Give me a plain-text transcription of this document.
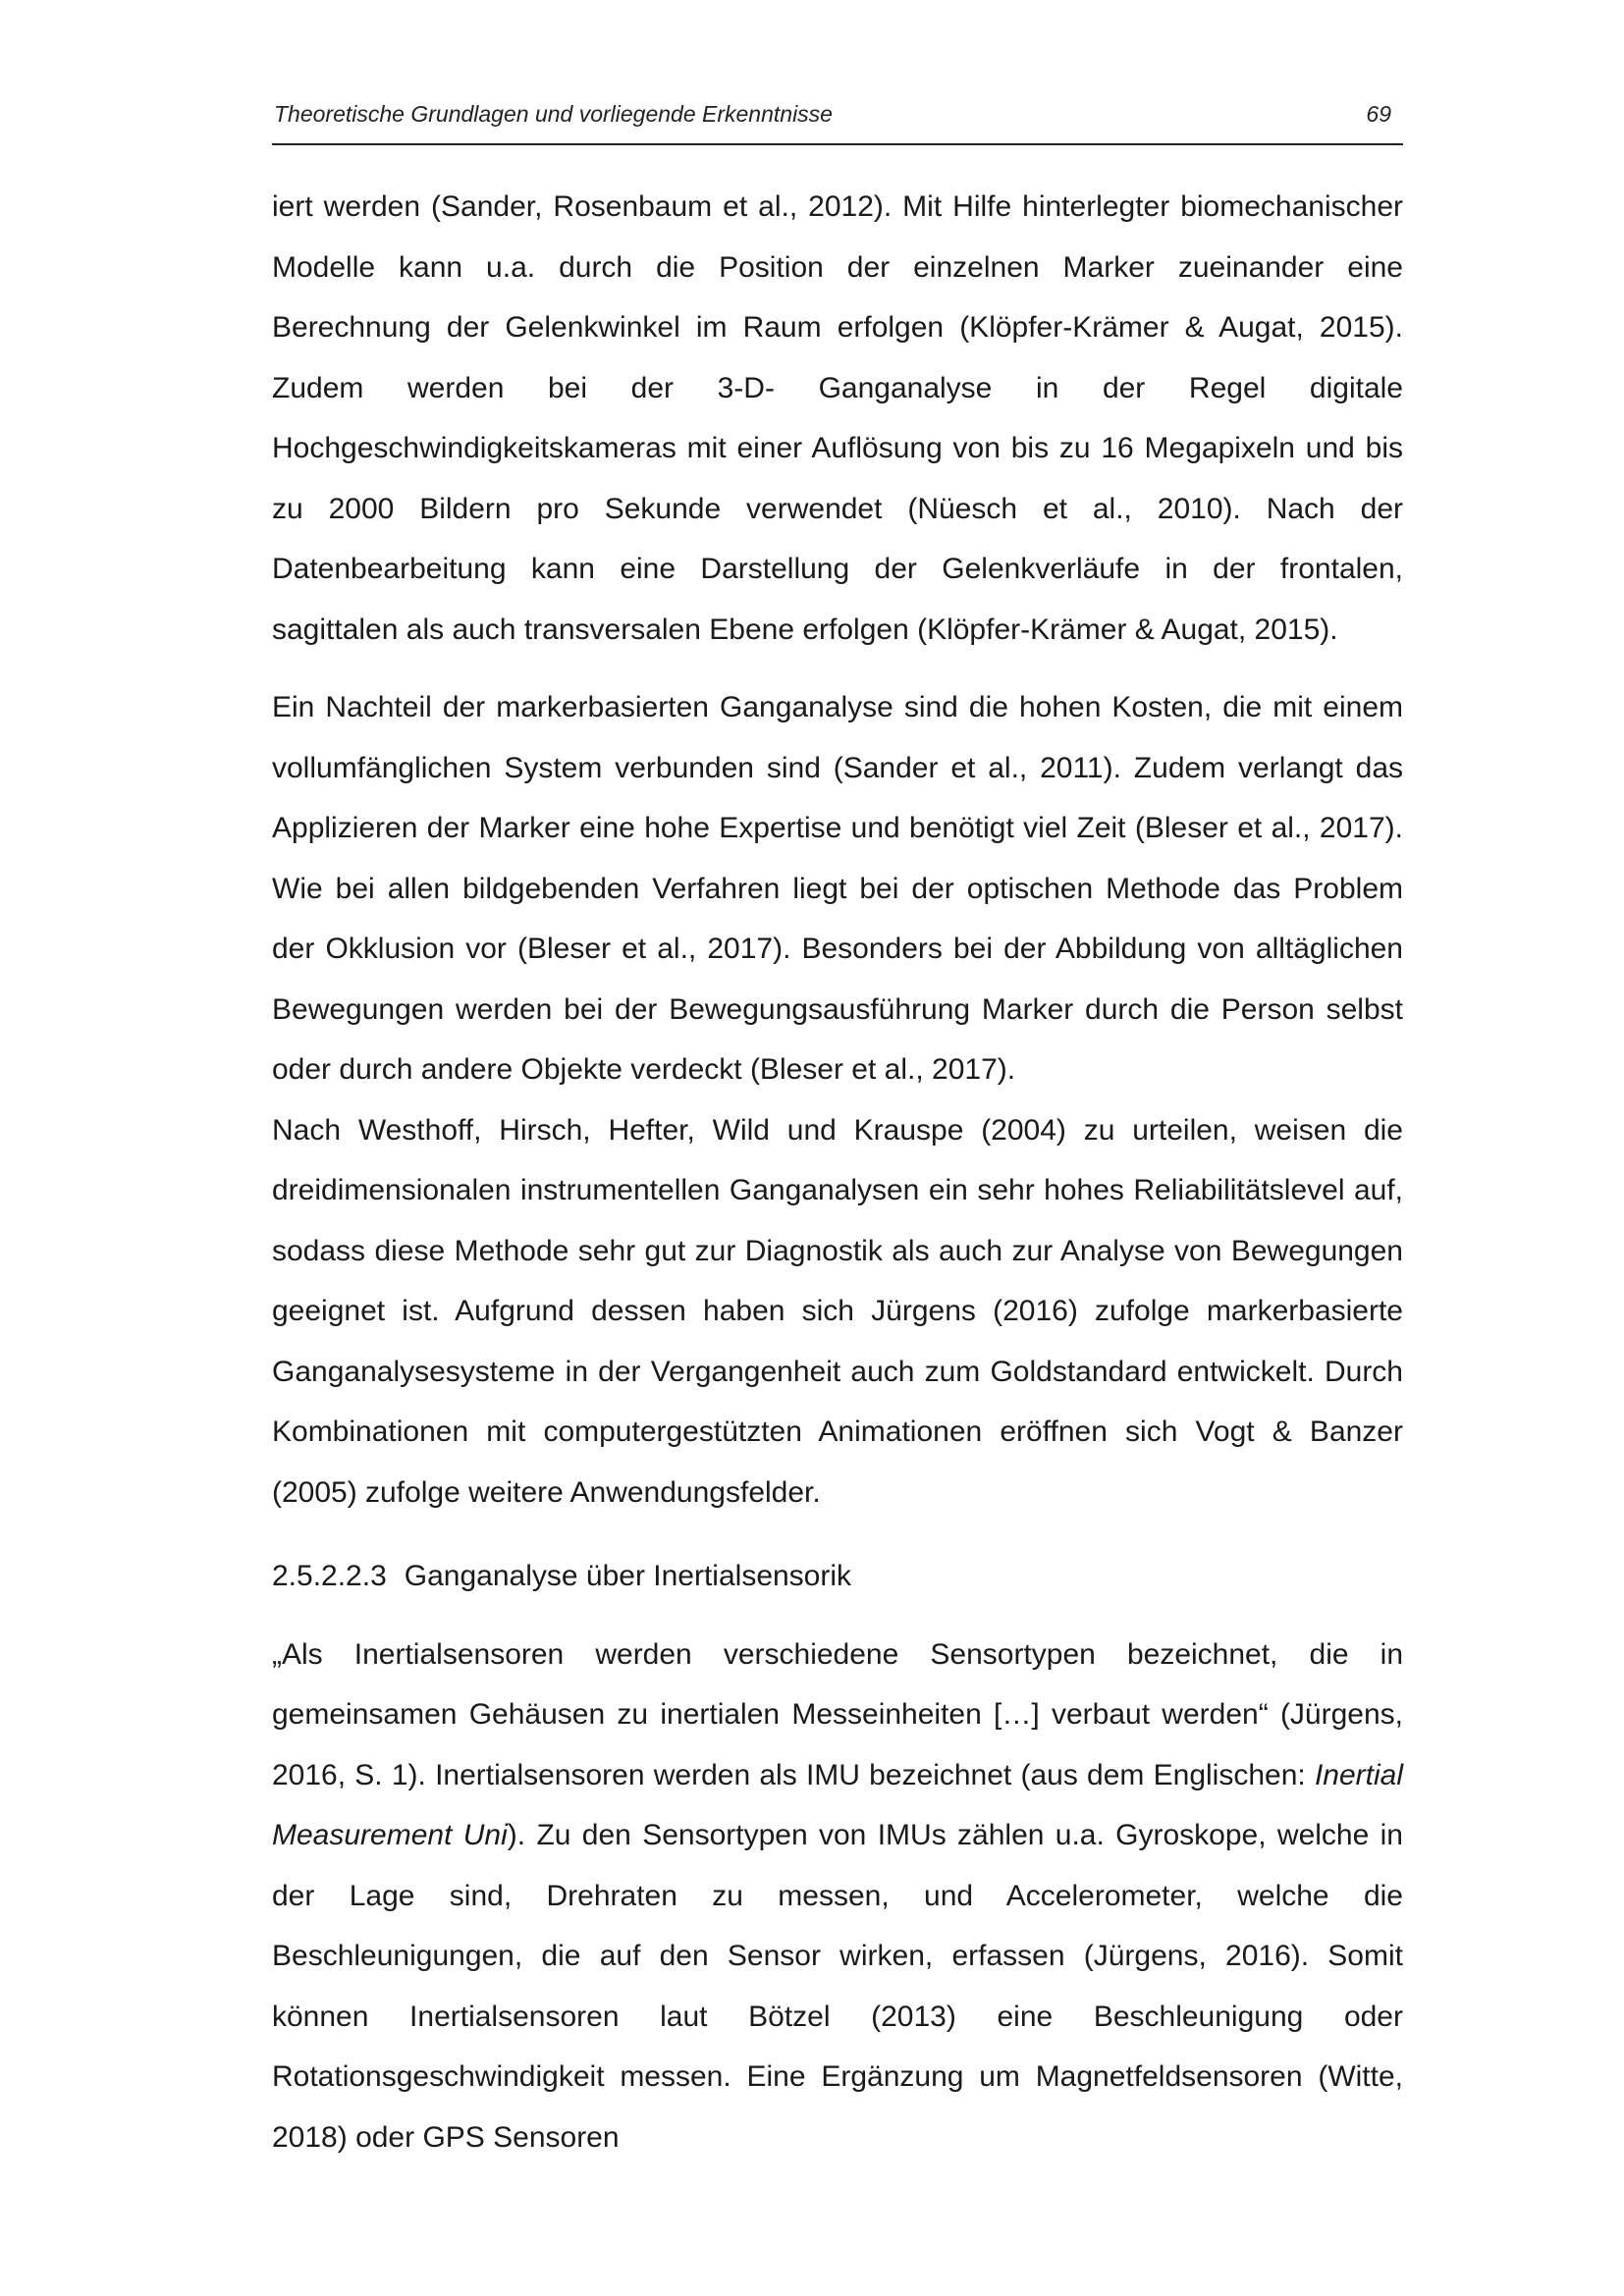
Theoretische Grundlagen und vorliegende Erkenntnisse	69

iert werden (Sander, Rosenbaum et al., 2012). Mit Hilfe hinterlegter biomechanischer Modelle kann u.a. durch die Position der einzelnen Marker zueinander eine Berechnung der Gelenkwinkel im Raum erfolgen (Klöpfer-Krämer & Augat, 2015). Zudem werden bei der 3-D- Ganganalyse in der Regel digitale Hochgeschwindigkeitskameras mit einer Auflösung von bis zu 16 Megapixeln und bis zu 2000 Bildern pro Sekunde verwendet (Nüesch et al., 2010). Nach der Datenbearbeitung kann eine Darstellung der Gelenkverläufe in der frontalen, sagittalen als auch transversalen Ebene erfolgen (Klöpfer-Krämer & Augat, 2015).

Ein Nachteil der markerbasierten Ganganalyse sind die hohen Kosten, die mit einem vollumfänglichen System verbunden sind (Sander et al., 2011). Zudem verlangt das Applizieren der Marker eine hohe Expertise und benötigt viel Zeit (Bleser et al., 2017). Wie bei allen bildgebenden Verfahren liegt bei der optischen Methode das Problem der Okklusion vor (Bleser et al., 2017). Besonders bei der Abbildung von alltäglichen Bewegungen werden bei der Bewegungsausführung Marker durch die Person selbst oder durch andere Objekte verdeckt (Bleser et al., 2017).

Nach Westhoff, Hirsch, Hefter, Wild und Krauspe (2004) zu urteilen, weisen die dreidimensionalen instrumentellen Ganganalysen ein sehr hohes Reliabilitätslevel auf, sodass diese Methode sehr gut zur Diagnostik als auch zur Analyse von Bewegungen geeignet ist. Aufgrund dessen haben sich Jürgens (2016) zufolge markerbasierte Ganganalysesysteme in der Vergangenheit auch zum Goldstandard entwickelt. Durch Kombinationen mit computergestützten Animationen eröffnen sich Vogt & Banzer (2005) zufolge weitere Anwendungsfelder.

2.5.2.2.3 Ganganalyse über Inertialsensorik

„Als Inertialsensoren werden verschiedene Sensortypen bezeichnet, die in gemeinsamen Gehäusen zu inertialen Messeinheiten […] verbaut werden“ (Jürgens, 2016, S. 1). Inertialsensoren werden als IMU bezeichnet (aus dem Englischen: Inertial Measurement Uni). Zu den Sensortypen von IMUs zählen u.a. Gyroskope, welche in der Lage sind, Drehraten zu messen, und Accelerometer, welche die Beschleunigungen, die auf den Sensor wirken, erfassen (Jürgens, 2016). Somit können Inertialsensoren laut Bötzel (2013) eine Beschleunigung oder Rotationsgeschwindigkeit messen. Eine Ergänzung um Magnetfeldsensoren (Witte, 2018) oder GPS Sensoren
